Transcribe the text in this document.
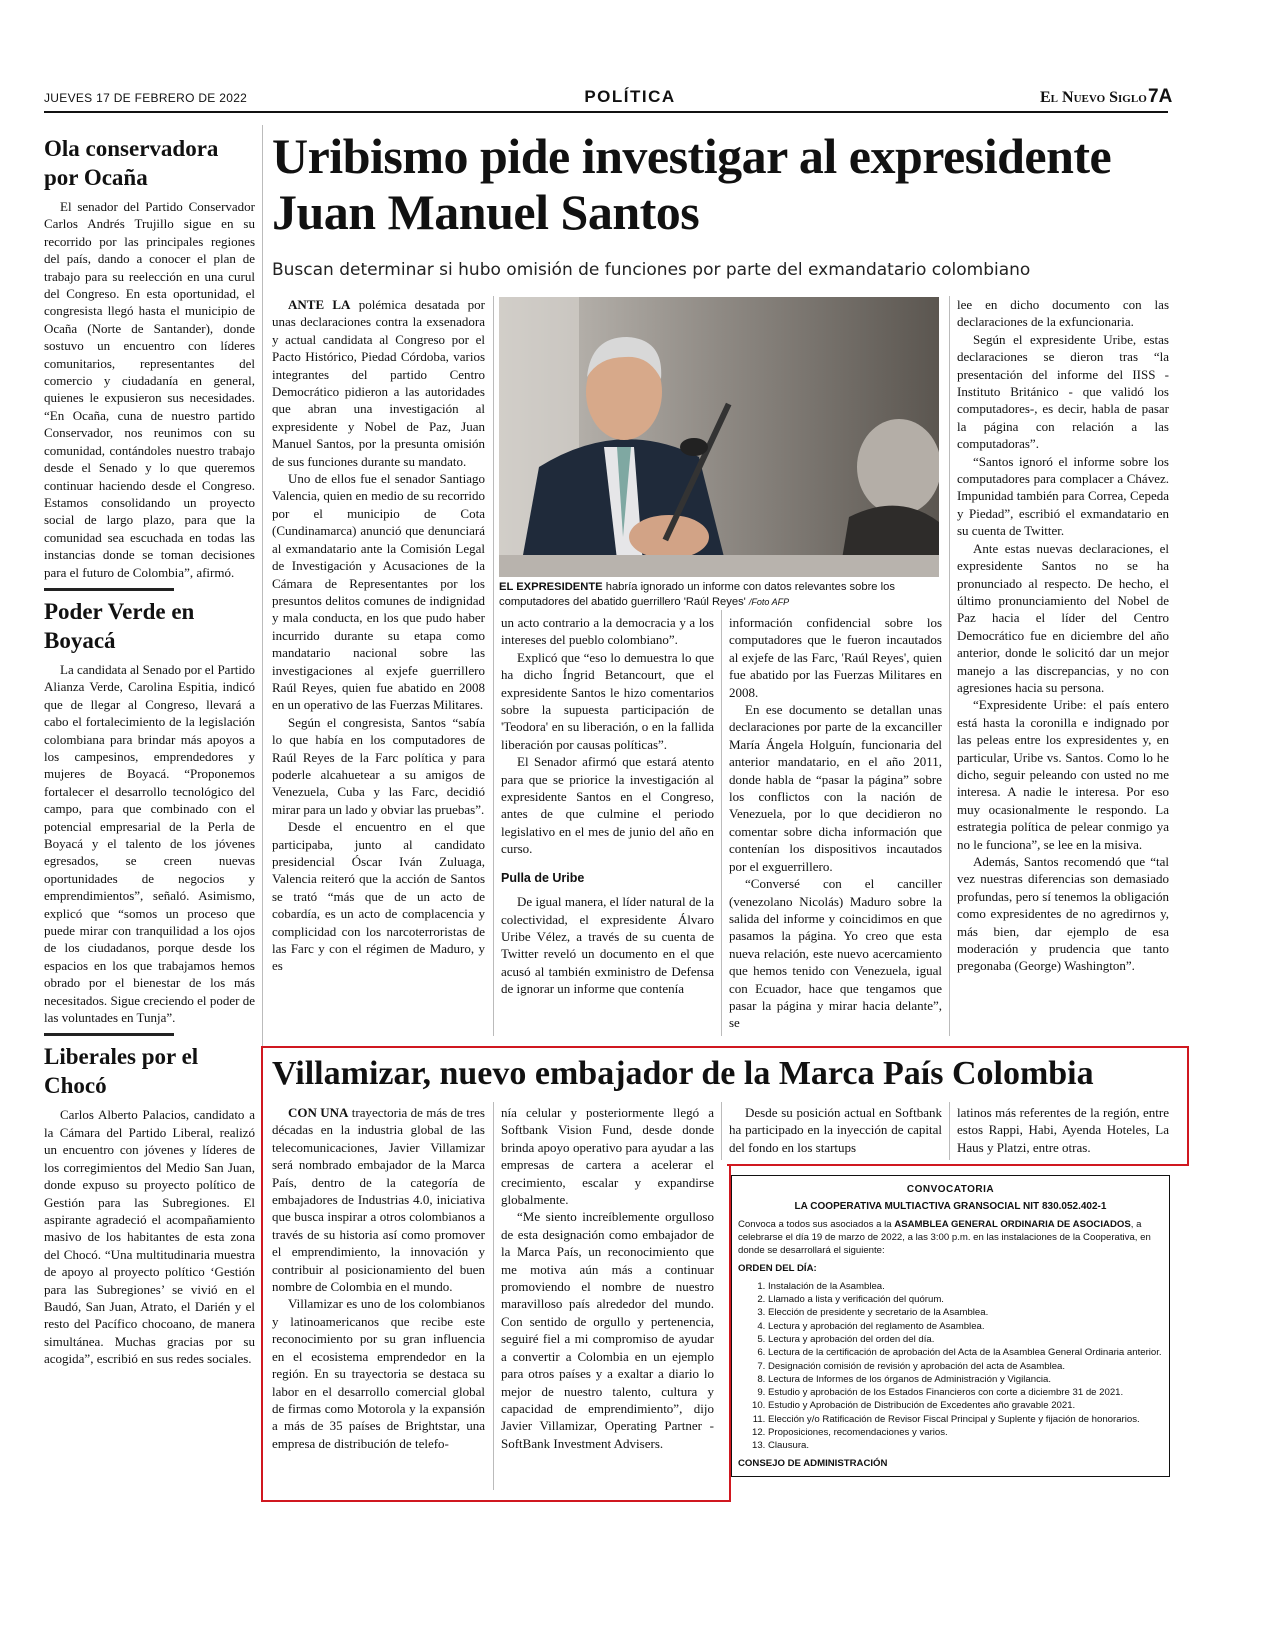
JUEVES 17 DE FEBRERO DE 2022	POLÍTICA	El Nuevo Siglo 7A
Ola conservadora por Ocaña

El senador del Partido Conservador Carlos Andrés Trujillo sigue en su recorrido por las principales regiones del país, dando a conocer el plan de trabajo para su reelección en una curul del Congreso. En esta oportunidad, el congresista llegó hasta el municipio de Ocaña (Norte de Santander), donde sostuvo un encuentro con líderes comunitarios, representantes del comercio y ciudadanía en general, quienes le expusieron sus necesidades. “En Ocaña, cuna de nuestro partido Conservador, nos reunimos con su comunidad, contándoles nuestro trabajo desde el Senado y lo que queremos continuar haciendo desde el Congreso. Estamos consolidando un proyecto social de largo plazo, para que la comunidad sea escuchada en todas las instancias donde se toman decisiones para el futuro de Colombia”, afirmó.

Poder Verde en Boyacá

La candidata al Senado por el Partido Alianza Verde, Carolina Espitia, indicó que de llegar al Congreso, llevará a cabo el fortalecimiento de la legislación colombiana para brindar más apoyos a los campesinos, emprendedores y mujeres de Boyacá. “Proponemos fortalecer el desarrollo tecnológico del campo, para que combinado con el potencial empresarial de la Perla de Boyacá y el talento de los jóvenes egresados, se creen nuevas oportunidades de negocios y emprendimientos”, señaló. Asimismo, explicó que “somos un proceso que puede mirar con tranquilidad a los ojos de los ciudadanos, porque desde los espacios en los que trabajamos hemos obrado por el bienestar de los más necesitados. Sigue creciendo el poder de las voluntades en Tunja”.

Liberales por el Chocó

Carlos Alberto Palacios, candidato a la Cámara del Partido Liberal, realizó un encuentro con jóvenes y líderes de los corregimientos del Medio San Juan, donde expuso su proyecto político de Gestión para las Subregiones. El aspirante agradeció el acompañamiento masivo de los habitantes de esta zona del Chocó. “Una multitudinaria muestra de apoyo al proyecto político ‘Gestión para las Subregiones’ se vivió en el Baudó, San Juan, Atrato, el Darién y el resto del Pacífico chocoano, de manera simultánea. Muchas gracias por su acogida”, escribió en sus redes sociales.

Uribismo pide investigar al expresidente Juan Manuel Santos
Buscan determinar si hubo omisión de funciones por parte del exmandatario colombiano

ANTE LA polémica desatada por unas declaraciones contra la exsenadora y actual candidata al Congreso por el Pacto Histórico, Piedad Córdoba, varios integrantes del partido Centro Democrático pidieron a las autoridades que abran una investigación al expresidente y Nobel de Paz, Juan Manuel Santos, por la presunta omisión de sus funciones durante su mandato.

Uno de ellos fue el senador Santiago Valencia, quien en medio de su recorrido por el municipio de Cota (Cundinamarca) anunció que denunciará al exmandatario ante la Comisión Legal de Investigación y Acusaciones de la Cámara de Representantes por los presuntos delitos comunes de indignidad y mala conducta, en los que pudo haber incurrido durante su etapa como mandatario nacional sobre las investigaciones al exjefe guerrillero Raúl Reyes, quien fue abatido en 2008 en un operativo de las Fuerzas Militares.

Según el congresista, Santos “sabía lo que había en los computadores de Raúl Reyes de la Farc política y para poderle alcahuetear a su amigos de Venezuela, Cuba y las Farc, decidió mirar para un lado y obviar las pruebas”.

Desde el encuentro en el que participaba, junto al candidato presidencial Óscar Iván Zuluaga, Valencia reiteró que la acción de Santos se trató “más que de un acto de cobardía, es un acto de complacencia y complicidad con los narcoterroristas de las Farc y con el régimen de Maduro, y es

EL EXPRESIDENTE habría ignorado un informe con datos relevantes sobre los computadores del abatido guerrillero 'Raúl Reyes' /Foto AFP

un acto contrario a la democracia y a los intereses del pueblo colombiano”.

Explicó que “eso lo demuestra lo que ha dicho Íngrid Betancourt, que el expresidente Santos le hizo comentarios sobre la supuesta participación de 'Teodora' en su liberación, o en la fallida liberación por causas políticas”.

El Senador afirmó que estará atento para que se priorice la investigación al expresidente Santos en el Congreso, antes de que culmine el periodo legislativo en el mes de junio del año en curso.

Pulla de Uribe

De igual manera, el líder natural de la colectividad, el expresidente Álvaro Uribe Vélez, a través de su cuenta de Twitter reveló un documento en el que acusó al también exministro de Defensa de ignorar un informe que contenía

información confidencial sobre los computadores que le fueron incautados al exjefe de las Farc, 'Raúl Reyes', quien fue abatido por las Fuerzas Militares en 2008.

En ese documento se detallan unas declaraciones por parte de la excanciller María Ángela Holguín, funcionaria del anterior mandatario, en el año 2011, donde habla de “pasar la página” sobre los conflictos con la nación de Venezuela, por lo que decidieron no comentar sobre dicha información que contenían los dispositivos incautados por el exguerrillero.

“Conversé con el canciller (venezolano Nicolás) Maduro sobre la salida del informe y coincidimos en que pasamos la página. Yo creo que esta nueva relación, este nuevo acercamiento que hemos tenido con Venezuela, igual con Ecuador, hace que tengamos que pasar la página y mirar hacia delante”, se

lee en dicho documento con las declaraciones de la exfuncionaria.

Según el expresidente Uribe, estas declaraciones se dieron tras “la presentación del informe del IISS -Instituto Británico - que validó los computadores-, es decir, habla de pasar la página con relación a las computadoras”.

“Santos ignoró el informe sobre los computadores para complacer a Chávez. Impunidad también para Correa, Cepeda y Piedad”, escribió el exmandatario en su cuenta de Twitter.

Ante estas nuevas declaraciones, el expresidente Santos no se ha pronunciado al respecto. De hecho, el último pronunciamiento del Nobel de Paz hacia el líder del Centro Democrático fue en diciembre del año anterior, donde le solicitó dar un mejor manejo a las discrepancias, y no con agresiones hacia su persona.

“Expresidente Uribe: el país entero está hasta la coronilla e indignado por las peleas entre los expresidentes y, en particular, Uribe vs. Santos. Como lo he dicho, seguir peleando con usted no me interesa. A nadie le interesa. Por eso muy ocasionalmente le respondo. La estrategia política de pelear conmigo ya no le funciona”, se lee en la misiva.

Además, Santos recomendó que “tal vez nuestras diferencias son demasiado profundas, pero sí tenemos la obligación como expresidentes de no agredirnos y, más bien, dar ejemplo de esa moderación y prudencia que tanto pregonaba (George) Washington”.

Villamizar, nuevo embajador de la Marca País Colombia

CON UNA trayectoria de más de tres décadas en la industria global de las telecomunicaciones, Javier Villamizar será nombrado embajador de la Marca País, dentro de la categoría de embajadores de Industrias 4.0, iniciativa que busca inspirar a otros colombianos a través de su historia así como promover el emprendimiento, la innovación y contribuir al posicionamiento del buen nombre de Colombia en el mundo.

Villamizar es uno de los colombianos y latinoamericanos que recibe este reconocimiento por su gran influencia en el ecosistema emprendedor en la región. En su trayectoria se destaca su labor en el desarrollo comercial global de firmas como Motorola y la expansión a más de 35 países de Brightstar, una empresa de distribución de telefo-

nía celular y posteriormente llegó a Softbank Vision Fund, desde donde brinda apoyo operativo para ayudar a las empresas de cartera a acelerar el crecimiento, escalar y expandirse globalmente.

“Me siento increíblemente orgulloso de esta designación como embajador de la Marca País, un reconocimiento que me motiva aún más a continuar promoviendo el nombre de nuestro maravilloso país alrededor del mundo. Con sentido de orgullo y pertenencia, seguiré fiel a mi compromiso de ayudar a convertir a Colombia en un ejemplo para otros países y a exaltar a diario lo mejor de nuestro talento, cultura y capacidad de emprendimiento”, dijo Javier Villamizar, Operating Partner - SoftBank Investment Advisers.

Desde su posición actual en Softbank ha participado en la inyección de capital del fondo en los startups

latinos más referentes de la región, entre estos Rappi, Habi, Ayenda Hoteles, La Haus y Platzi, entre otras.

CONVOCATORIA
LA COOPERATIVA MULTIACTIVA GRANSOCIAL NIT 830.052.402-1
Convoca a todos sus asociados a la ASAMBLEA GENERAL ORDINARIA DE ASOCIADOS, a celebrarse el día 19 de marzo de 2022, a las 3:00 p.m. en las instalaciones de la Cooperativa, en donde se desarrollará el siguiente:
ORDEN DEL DÍA:
1. Instalación de la Asamblea.
2. Llamado a lista y verificación del quórum.
3. Elección de presidente y secretario de la Asamblea.
4. Lectura y aprobación del reglamento de Asamblea.
5. Lectura y aprobación del orden del día.
6. Lectura de la certificación de aprobación del Acta de la Asamblea General Ordinaria anterior.
7. Designación comisión de revisión y aprobación del acta de Asamblea.
8. Lectura de Informes de los órganos de Administración y Vigilancia.
9. Estudio y aprobación de los Estados Financieros con corte a diciembre 31 de 2021.
10. Estudio y Aprobación de Distribución de Excedentes año gravable 2021.
11. Elección y/o Ratificación de Revisor Fiscal Principal y Suplente y fijación de honorarios.
12. Proposiciones, recomendaciones y varios.
13. Clausura.
CONSEJO DE ADMINISTRACIÓN
